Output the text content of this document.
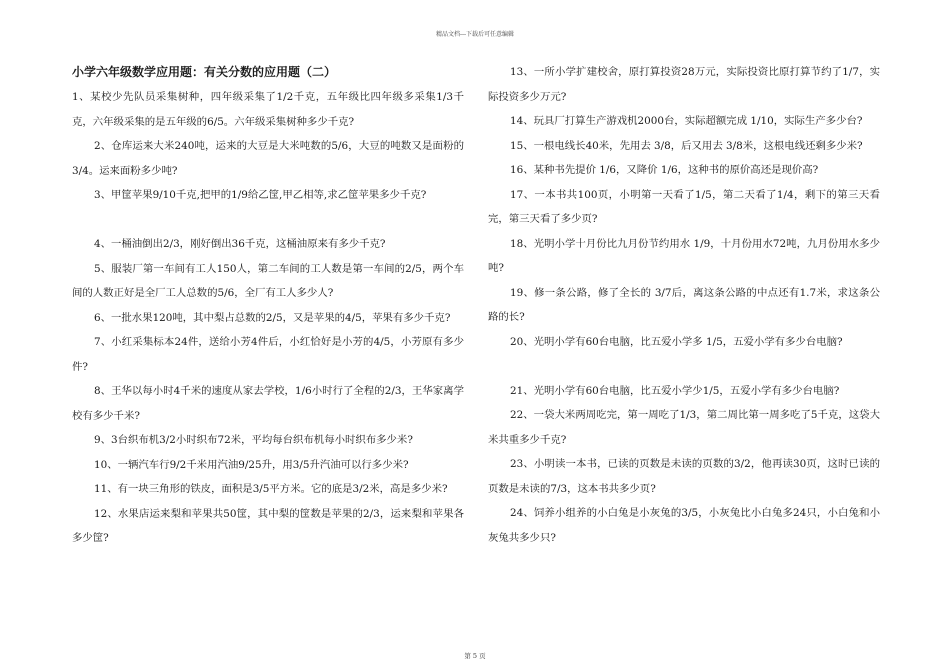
精品文档---下载后可任意编辑
小学六年级数学应用题：有关分数的应用题（二）

1、某校少先队员采集树种，四年级采集了1/2千克，五年级比四年级多采集1/3千克，六年级采集的是五年级的6/5。六年级采集树种多少千克?

2、仓库运来大米240吨，运来的大豆是大米吨数的5/6，大豆的吨数又是面粉的3/4。运来面粉多少吨?

3、甲筐苹果9/10千克,把甲的1/9给乙筐,甲乙相等,求乙筐苹果多少千克?

4、一桶油倒出2/3，刚好倒出36千克，这桶油原来有多少千克?

5、服装厂第一车间有工人150人，第二车间的工人数是第一车间的2/5，两个车间的人数正好是全厂工人总数的5/6，全厂有工人多少人?

6、一批水果120吨，其中梨占总数的2/5，又是苹果的4/5，苹果有多少千克?

7、小红采集标本24件，送给小芳4件后，小红恰好是小芳的4/5，小芳原有多少件?

8、王华以每小时4千米的速度从家去学校，1/6小时行了全程的2/3，王华家离学校有多少千米?

9、3台织布机3/2小时织布72米，平均每台织布机每小时织布多少米?

10、一辆汽车行9/2千米用汽油9/25升，用3/5升汽油可以行多少米?

11、有一块三角形的铁皮，面积是3/5平方米。它的底是3/2米，高是多少米?

12、水果店运来梨和苹果共50筐，其中梨的筐数是苹果的2/3，运来梨和苹果各多少筐?

13、一所小学扩建校舍，原打算投资28万元，实际投资比原打算节约了1/7，实际投资多少万元?

14、玩具厂打算生产游戏机2000台，实际超额完成 1/10，实际生产多少台?

15、一根电线长40米，先用去 3/8，后又用去 3/8米，这根电线还剩多少米?

16、某种书先提价 1/6，又降价 1/6，这种书的原价高还是现价高?

17、一本书共100页，小明第一天看了1/5，第二天看了1/4，剩下的第三天看完，第三天看了多少页?

18、光明小学十月份比九月份节约用水 1/9，十月份用水72吨，九月份用水多少吨?

19、修一条公路，修了全长的 3/7后，离这条公路的中点还有1.7米，求这条公路的长?

20、光明小学有60台电脑，比五爱小学多 1/5，五爱小学有多少台电脑?

21、光明小学有60台电脑，比五爱小学少1/5，五爱小学有多少台电脑?

22、一袋大米两周吃完，第一周吃了1/3，第二周比第一周多吃了5千克，这袋大米共重多少千克?

23、小明读一本书，已读的页数是未读的页数的3/2，他再读30页，这时已读的页数是未读的7/3，这本书共多少页?

24、饲养小组养的小白兔是小灰兔的3/5，小灰兔比小白兔多24只，小白兔和小灰兔共多少只?

第 5 页
